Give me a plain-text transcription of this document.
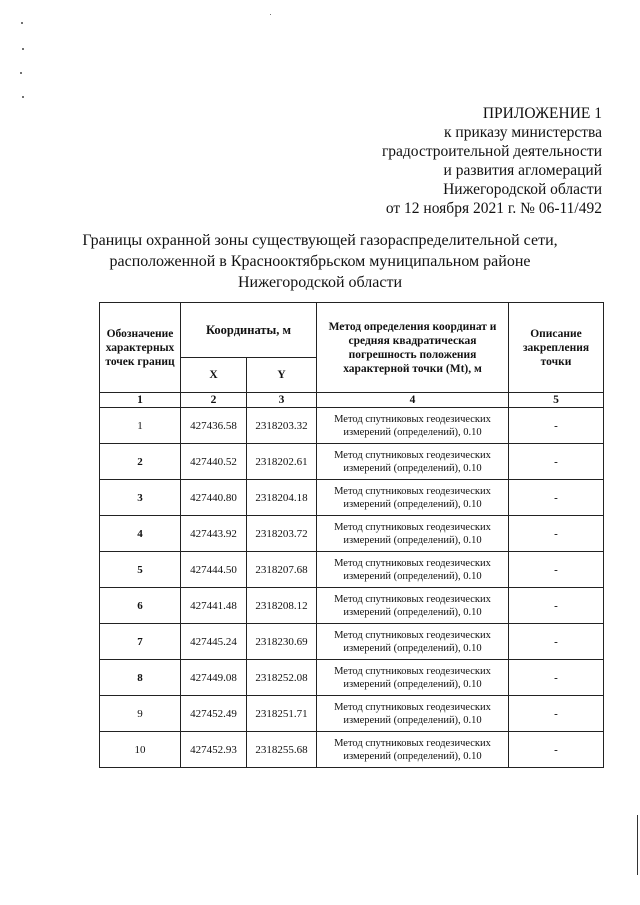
ПРИЛОЖЕНИЕ 1
к приказу министерства
градостроительной деятельности
и развития агломераций
Нижегородской области
от 12 ноября 2021 г. № 06-11/492
Границы охранной зоны существующей газораспределительной сети,
расположенной в Краснооктябрьском муниципальном районе
Нижегородской области
Обозначение характерных точек границ	Координаты, м		Метод определения координат и средняя квадратическая погрешность положения характерной точки (Mt), м	Описание закрепления точки
	X	Y		
1	2	3	4	5
1	427436.58	2318203.32	Метод спутниковых геодезических измерений (определений), 0.10	-
2	427440.52	2318202.61	Метод спутниковых геодезических измерений (определений), 0.10	-
3	427440.80	2318204.18	Метод спутниковых геодезических измерений (определений), 0.10	-
4	427443.92	2318203.72	Метод спутниковых геодезических измерений (определений), 0.10	-
5	427444.50	2318207.68	Метод спутниковых геодезических измерений (определений), 0.10	-
6	427441.48	2318208.12	Метод спутниковых геодезических измерений (определений), 0.10	-
7	427445.24	2318230.69	Метод спутниковых геодезических измерений (определений), 0.10	-
8	427449.08	2318252.08	Метод спутниковых геодезических измерений (определений), 0.10	-
9	427452.49	2318251.71	Метод спутниковых геодезических измерений (определений), 0.10	-
10	427452.93	2318255.68	Метод спутниковых геодезических измерений (определений), 0.10	-
